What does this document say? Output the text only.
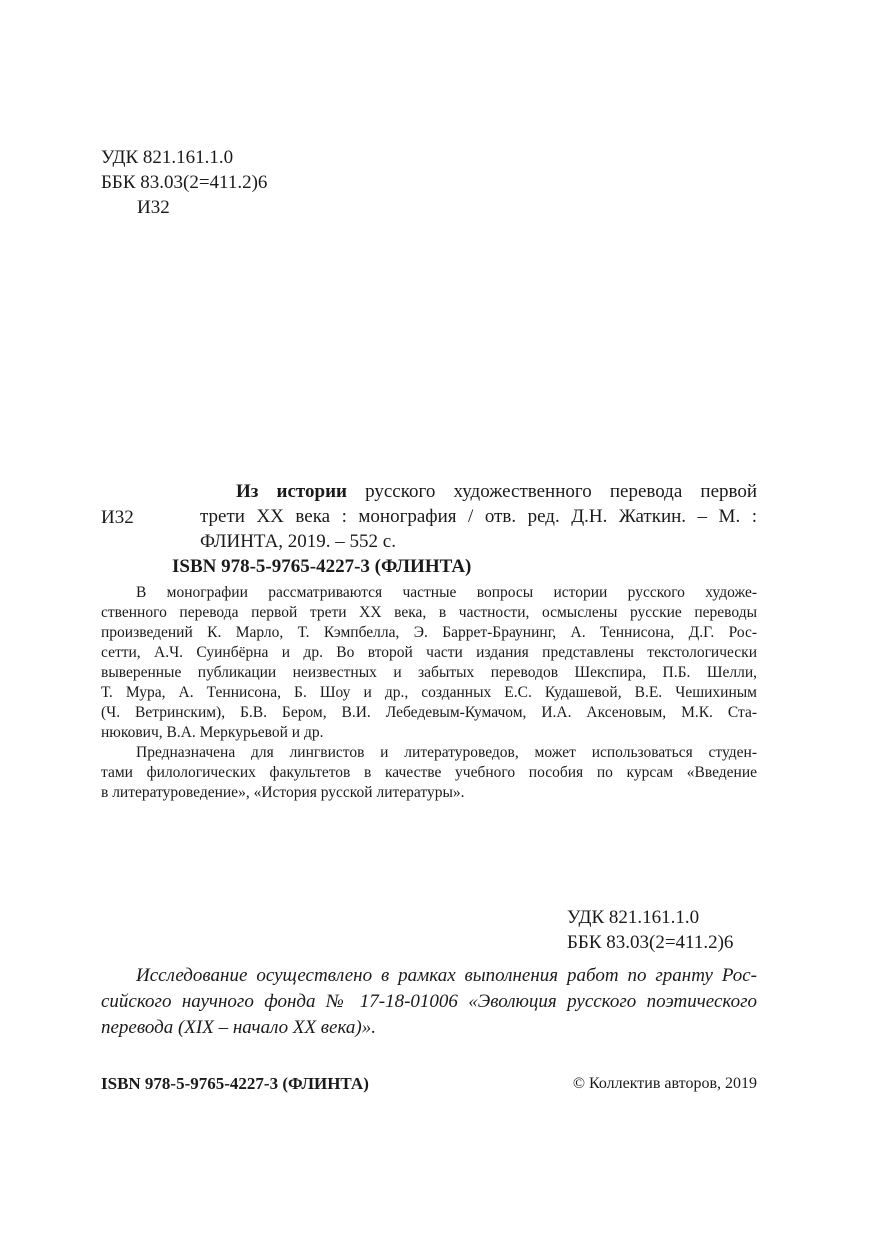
УДК 821.161.1.0
ББК 83.03(2=411.2)6
И32
И32
Из истории русского художественного перевода первой
трети XX века : монография / отв. ред. Д.Н. Жаткин. – М. :
ФЛИНТА, 2019. – 552 с.
ISBN 978-5-9765-4227-3 (ФЛИНТА)
В монографии рассматриваются частные вопросы истории русского художе-
ственного перевода первой трети XX века, в частности, осмыслены русские переводы
произведений К. Марло, Т. Кэмпбелла, Э. Баррет-Браунинг, А. Теннисона, Д.Г. Рос-
сетти, А.Ч. Суинбёрна и др. Во второй части издания представлены текстологически
выверенные публикации неизвестных и забытых переводов Шекспира, П.Б. Шелли,
Т. Мура, А. Теннисона, Б. Шоу и др., созданных Е.С. Кудашевой, В.Е. Чешихиным
(Ч. Ветринским), Б.В. Бером, В.И. Лебедевым-Кумачом, И.А. Аксеновым, М.К. Ста-
нюкович, В.А. Меркурьевой и др.
Предназначена для лингвистов и литературоведов, может использоваться студен-
тами филологических факультетов в качестве учебного пособия по курсам «Введение
в литературоведение», «История русской литературы».
УДК 821.161.1.0
ББК 83.03(2=411.2)6
Исследование осуществлено в рамках выполнения работ по гранту Рос-
сийского научного фонда № 17-18-01006 «Эволюция русского поэтического
перевода (XIX – начало XX века)».
ISBN 978-5-9765-4227-3 (ФЛИНТА)	© Коллектив авторов, 2019
